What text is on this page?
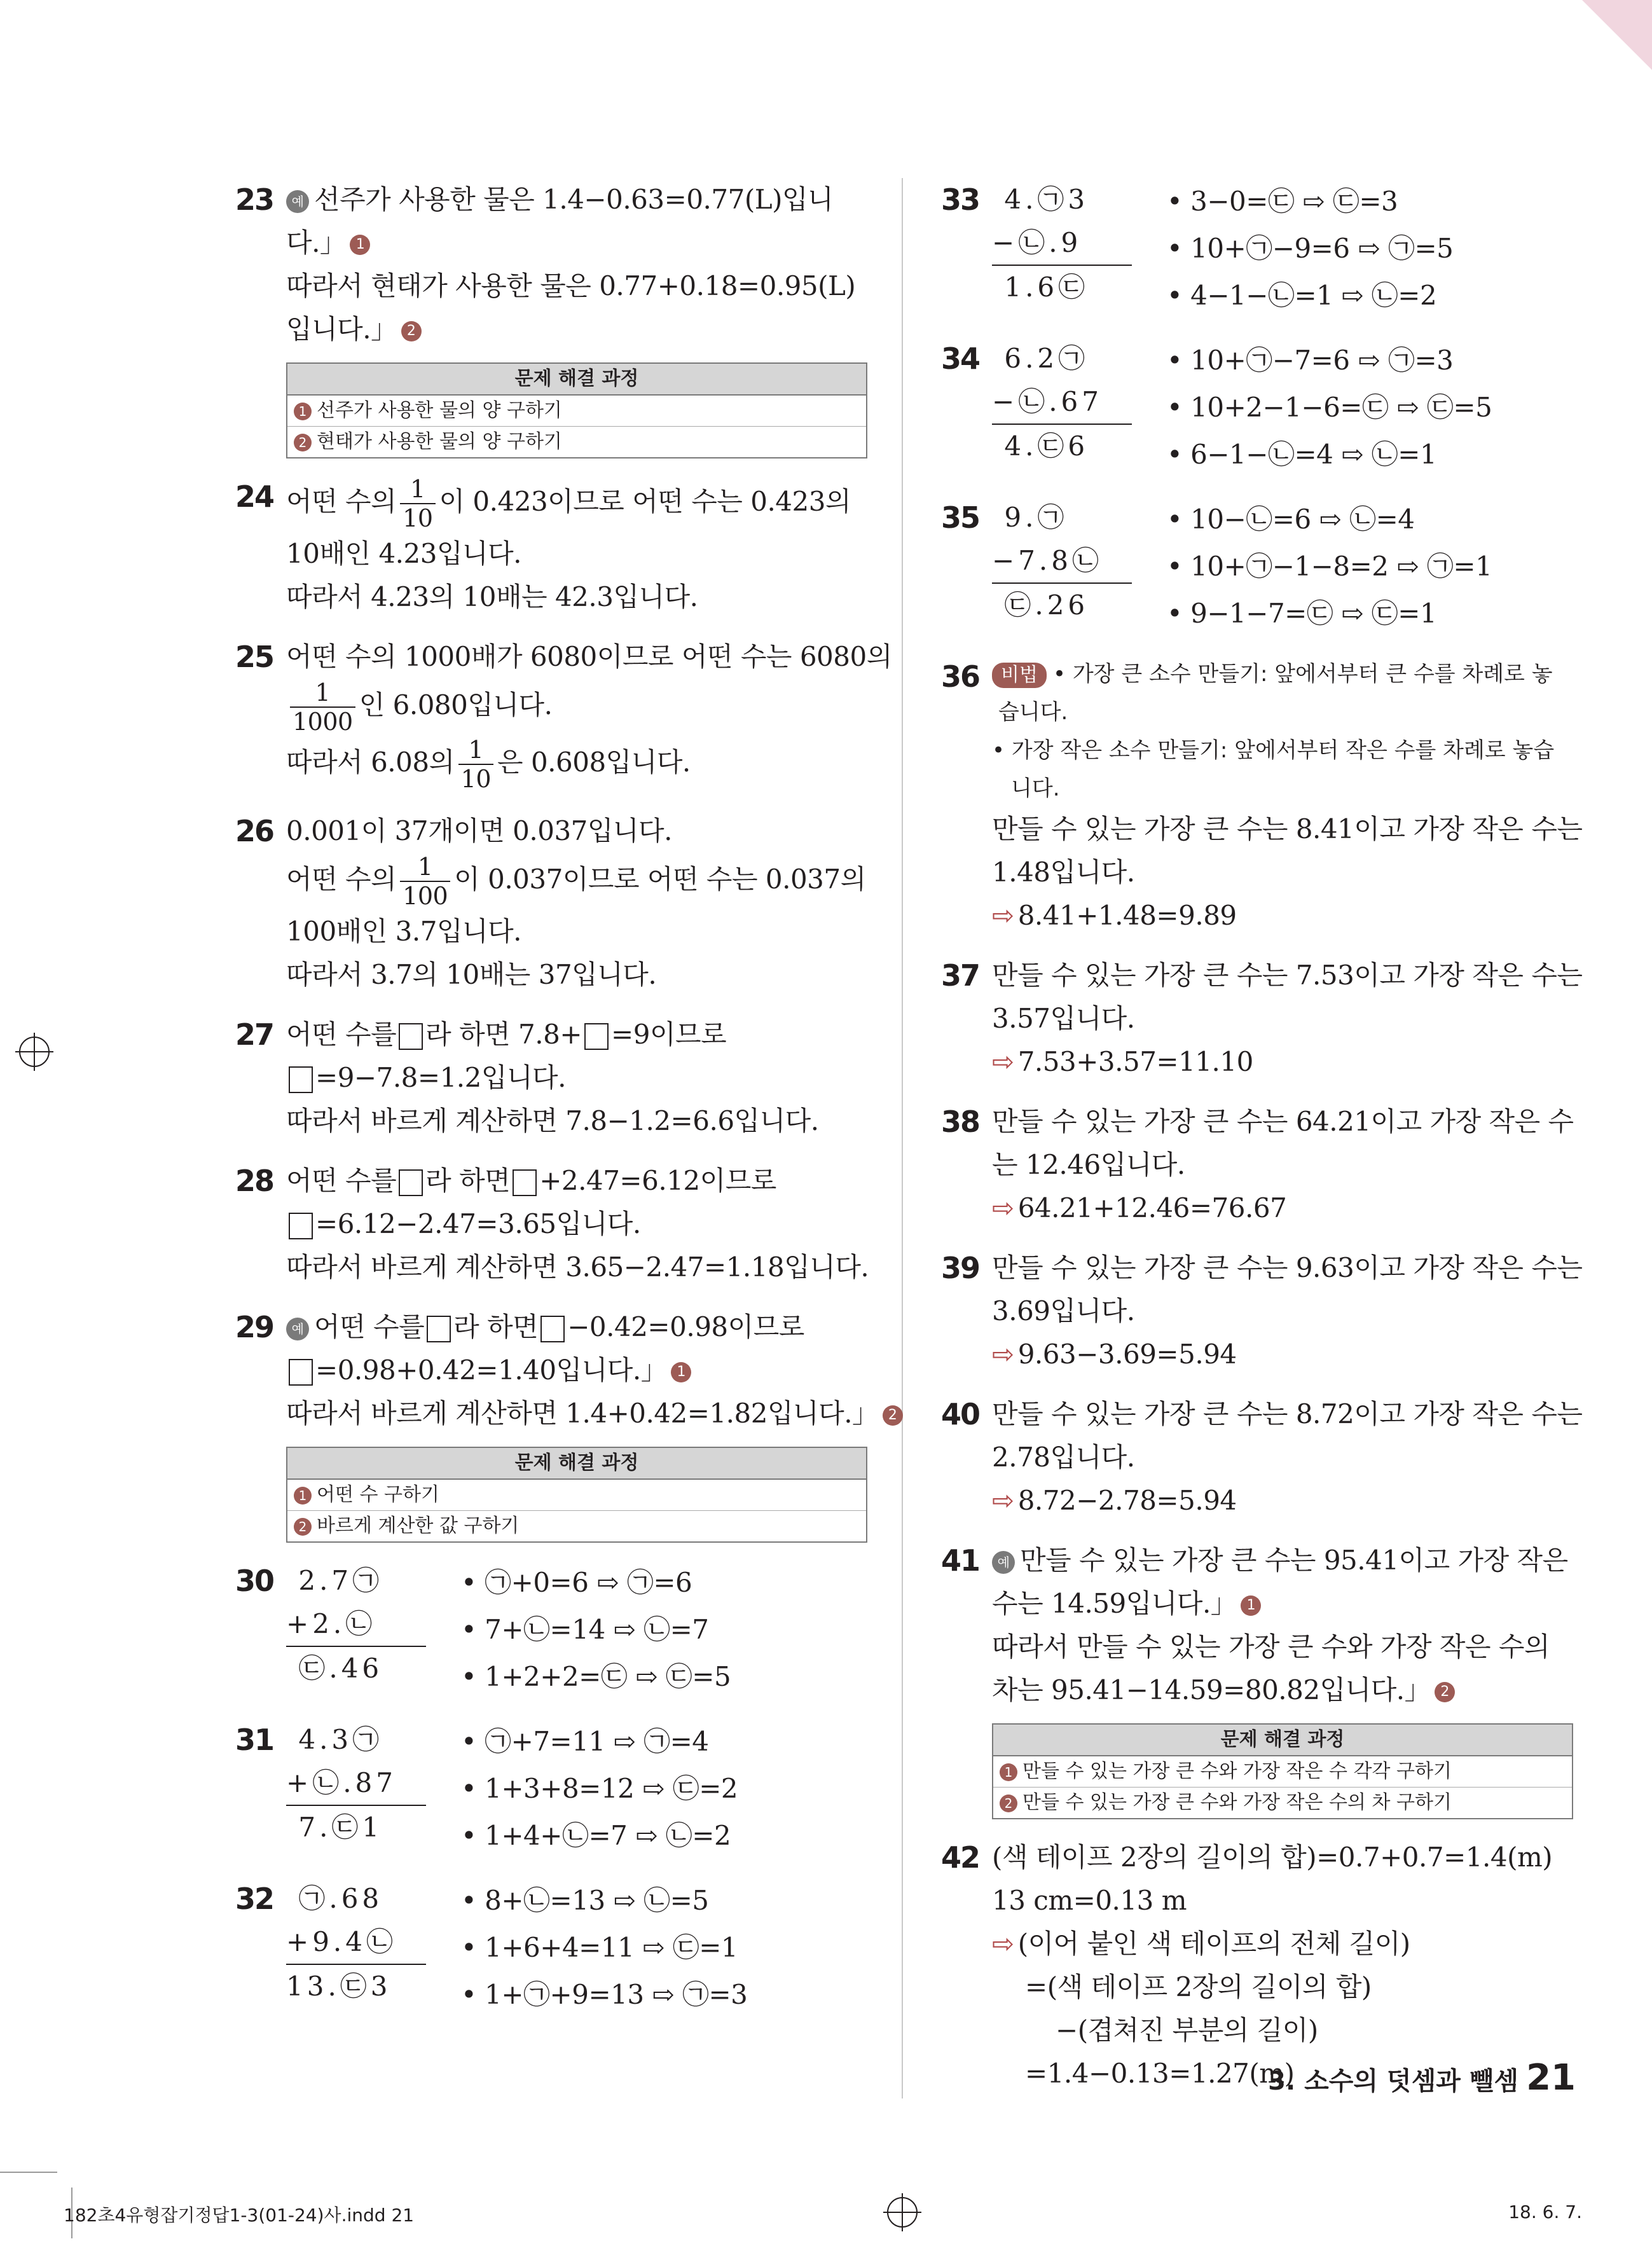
23	예 선주가 사용한 물은 1.4−0.63=0.77(L)입니
다.」 1
따라서 현태가 사용한 물은 0.77+0.18=0.95(L)
입니다.」 2
문제 해결 과정
1 선주가 사용한 물의 양 구하기
2 현태가 사용한 물의 양 구하기
24 어떤 수의 $\frac{1}{10}$ 이 0.423이므로 어떤 수는 0.423의
10배인 4.23입니다.
따라서 4.23의 10배는 42.3입니다.
25 어떤 수의 1000배가 6080이므로 어떤 수는 6080의
$\frac{1}{1000}$ 인 6.080입니다.
따라서 6.08의 $\frac{1}{10}$ 은 0.608입니다.
26 0.001이 37개이면 0.037입니다.
어떤 수의 $\frac{1}{100}$ 이 0.037이므로 어떤 수는 0.037의
100배인 3.7입니다.
따라서 3.7의 10배는 37입니다.
27 어떤 수를 라 하면 7.8+ =9이므로
=9−7.8=1.2입니다.
따라서 바르게 계산하면 7.8−1.2=6.6입니다.
28 어떤 수를 라 하면 +2.47=6.12이므로
=6.12−2.47=3.65입니다.
따라서 바르게 계산하면 3.65−2.47=1.18입니다.
29	예 어떤 수를 라 하면 −0.42=0.98이므로
=0.98+0.42=1.40입니다.」 1
따라서 바르게 계산하면 1.4+0.42=1.82입니다.」 2
문제 해결 과정
1 어떤 수 구하기
2 바르게 계산한 값 구하기
30 2.7㉠
+2.㉡
㉢.46
• ㉠+0=6 ⇨ ㉠=6
• 7+㉡=14 ⇨ ㉡=7
• 1+2+2=㉢ ⇨ ㉢=5
31 4.3㉠
+㉡.87
7.㉢1
• ㉠+7=11 ⇨ ㉠=4
• 1+3+8=12 ⇨ ㉢=2
• 1+4+㉡=7 ⇨ ㉡=2
32 ㉠.68
+9.4㉡
13.㉢3
• 8+㉡=13 ⇨ ㉡=5
• 1+6+4=11 ⇨ ㉢=1
• 1+㉠+9=13 ⇨ ㉠=3
33 4.㉠3
−㉡.9
1.6㉢
• 3−0=㉢ ⇨ ㉢=3
• 10+㉠−9=6 ⇨ ㉠=5
• 4−1−㉡=1 ⇨ ㉡=2
34 6.2㉠
−㉡.67
4.㉢6
• 10+㉠−7=6 ⇨ ㉠=3
• 10+2−1−6=㉢ ⇨ ㉢=5
• 6−1−㉡=4 ⇨ ㉡=1
35 9.㉠
−7.8㉡
㉢.26
• 10−㉡=6 ⇨ ㉡=4
• 10+㉠−1−8=2 ⇨ ㉠=1
• 9−1−7=㉢ ⇨ ㉢=1
36	비법 • 가장 큰 소수 만들기: 앞에서부터 큰 수를 차례로 놓
습니다.
• 가장 작은 소수 만들기: 앞에서부터 작은 수를 차례로 놓습
니다.
만들 수 있는 가장 큰 수는 8.41이고 가장 작은 수는
1.48입니다.
⇨ 8.41+1.48=9.89
37 만들 수 있는 가장 큰 수는 7.53이고 가장 작은 수는
3.57입니다.
⇨ 7.53+3.57=11.10
38 만들 수 있는 가장 큰 수는 64.21이고 가장 작은 수
는 12.46입니다.
⇨ 64.21+12.46=76.67
39 만들 수 있는 가장 큰 수는 9.63이고 가장 작은 수는
3.69입니다.
⇨ 9.63−3.69=5.94
40 만들 수 있는 가장 큰 수는 8.72이고 가장 작은 수는
2.78입니다.
⇨ 8.72−2.78=5.94
41	예 만들 수 있는 가장 큰 수는 95.41이고 가장 작은
수는 14.59입니다.」 1
따라서 만들 수 있는 가장 큰 수와 가장 작은 수의
차는 95.41−14.59=80.82입니다.」 2
문제 해결 과정
1 만들 수 있는 가장 큰 수와 가장 작은 수 각각 구하기
2 만들 수 있는 가장 큰 수와 가장 작은 수의 차 구하기
42 (색 테이프 2장의 길이의 합)=0.7+0.7=1.4(m)
13 cm=0.13 m
⇨ (이어 붙인 색 테이프의 전체 길이)
=(색 테이프 2장의 길이의 합)
−(겹쳐진 부분의 길이)
=1.4−0.13=1.27(m)
3. 소수의 덧셈과 뺄셈 21
182초4유형잡기정답1-3(01-24)사.indd 21	18. 6. 7.
